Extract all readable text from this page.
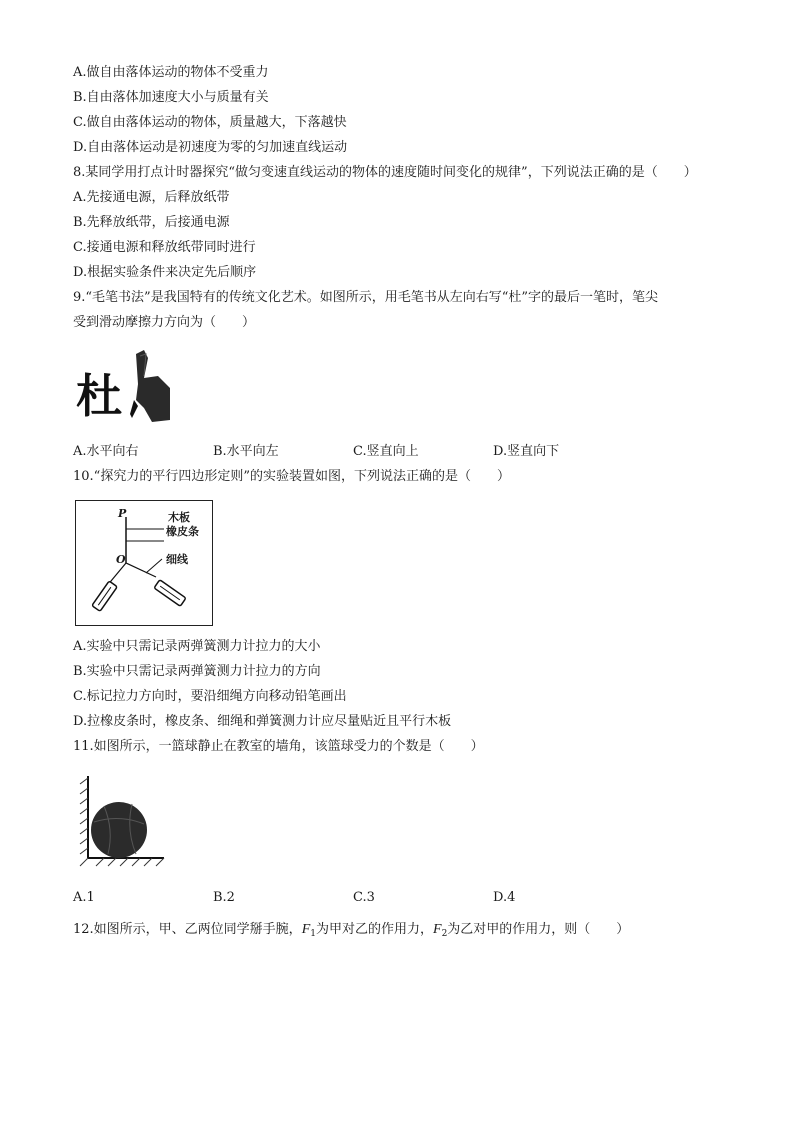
A.做自由落体运动的物体不受重力
B.自由落体加速度大小与质量有关
C.做自由落体运动的物体，质量越大，下落越快
D.自由落体运动是初速度为零的匀加速直线运动
8.某同学用打点计时器探究“做匀变速直线运动的物体的速度随时间变化的规律”，下列说法正确的是（　　）
A.先接通电源，后释放纸带
B.先释放纸带，后接通电源
C.接通电源和释放纸带同时进行
D.根据实验条件来决定先后顺序
9.“毛笔书法”是我国特有的传统文化艺术。如图所示，用毛笔书从左向右写“杜”字的最后一笔时，笔尖
受到滑动摩擦力方向为（　　）
杜
A.水平向右	B.水平向左	C.竖直向上	D.竖直向下
10.“探究力的平行四边形定则”的实验装置如图，下列说法正确的是（　　）
P
O
木板
橡皮条
细线
A.实验中只需记录两弹簧测力计拉力的大小
B.实验中只需记录两弹簧测力计拉力的方向
C.标记拉力方向时，要沿细绳方向移动铅笔画出
D.拉橡皮条时，橡皮条、细绳和弹簧测力计应尽量贴近且平行木板
11.如图所示，一篮球静止在教室的墙角，该篮球受力的个数是（　　）
A.1	B.2	C.3	D.4
12.如图所示，甲、乙两位同学掰手腕，$F_1$为甲对乙的作用力，$F_2$为乙对甲的作用力，则（　　）
